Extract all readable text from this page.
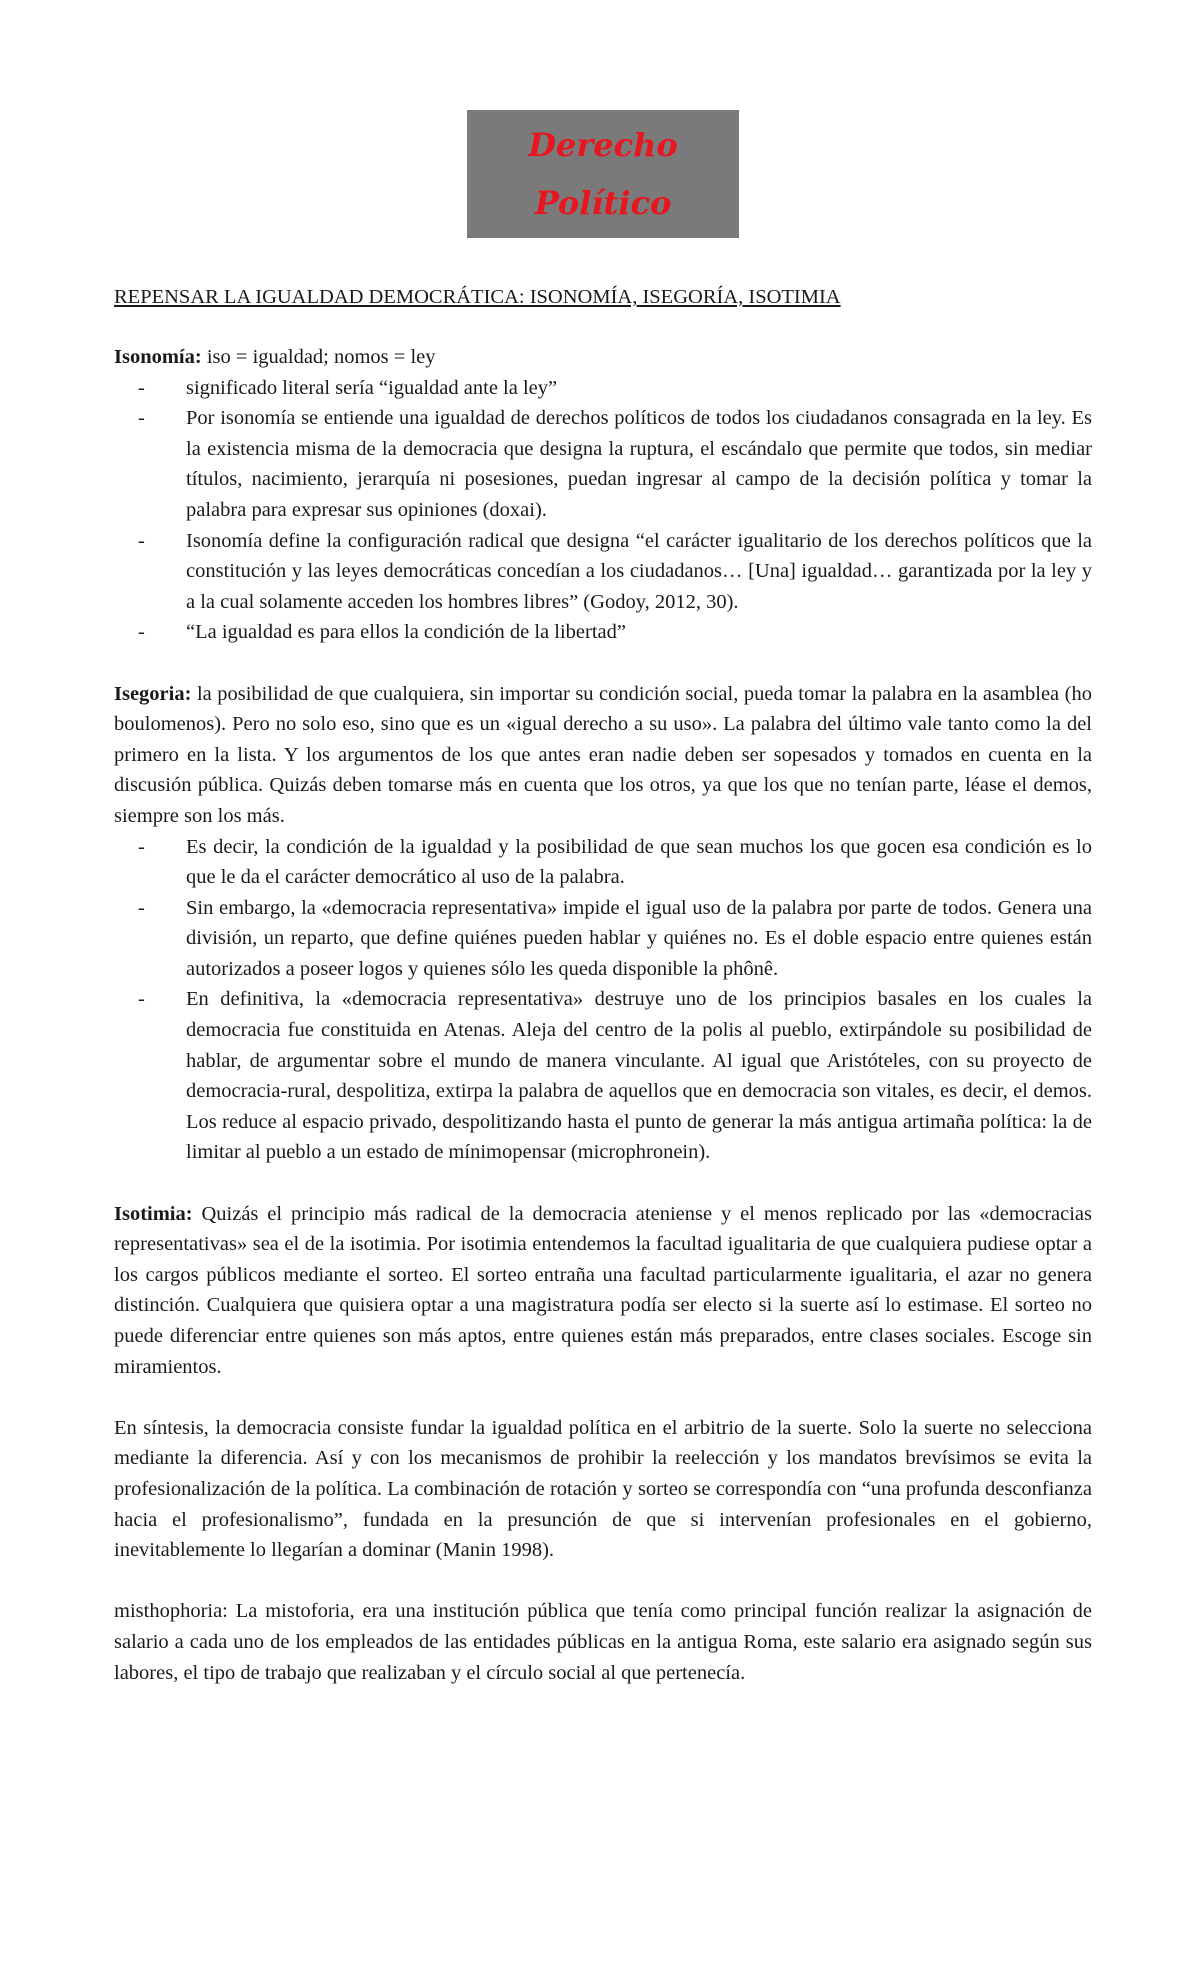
Derecho Político
REPENSAR LA IGUALDAD DEMOCRÁTICA: ISONOMÍA, ISEGORÍA, ISOTIMIA

Isonomía: iso = igualdad; nomos = ley

- significado literal sería “igualdad ante la ley”
- Por isonomía se entiende una igualdad de derechos políticos de todos los ciudadanos consagrada en la ley. Es la existencia misma de la democracia que designa la ruptura, el escándalo que permite que todos, sin mediar títulos, nacimiento, jerarquía ni posesiones, puedan ingresar al campo de la decisión política y tomar la palabra para expresar sus opiniones (doxai).
- Isonomía define la configuración radical que designa “el carácter igualitario de los derechos políticos que la constitución y las leyes democráticas concedían a los ciudadanos… [Una] igualdad… garantizada por la ley y a la cual solamente acceden los hombres libres” (Godoy, 2012, 30).
- “La igualdad es para ellos la condición de la libertad”

Isegoria: la posibilidad de que cualquiera, sin importar su condición social, pueda tomar la palabra en la asamblea (ho boulomenos). Pero no solo eso, sino que es un «igual derecho a su uso». La palabra del último vale tanto como la del primero en la lista. Y los argumentos de los que antes eran nadie deben ser sopesados y tomados en cuenta en la discusión pública. Quizás deben tomarse más en cuenta que los otros, ya que los que no tenían parte, léase el demos, siempre son los más.

- Es decir, la condición de la igualdad y la posibilidad de que sean muchos los que gocen esa condición es lo que le da el carácter democrático al uso de la palabra.
- Sin embargo, la «democracia representativa» impide el igual uso de la palabra por parte de todos. Genera una división, un reparto, que define quiénes pueden hablar y quiénes no. Es el doble espacio entre quienes están autorizados a poseer logos y quienes sólo les queda disponible la phônê.
- En definitiva, la «democracia representativa» destruye uno de los principios basales en los cuales la democracia fue constituida en Atenas. Aleja del centro de la polis al pueblo, extirpándole su posibilidad de hablar, de argumentar sobre el mundo de manera vinculante. Al igual que Aristóteles, con su proyecto de democracia-rural, despolitiza, extirpa la palabra de aquellos que en democracia son vitales, es decir, el demos. Los reduce al espacio privado, despolitizando hasta el punto de generar la más antigua artimaña política: la de limitar al pueblo a un estado de mínimopensar (microphronein).

Isotimia: Quizás el principio más radical de la democracia ateniense y el menos replicado por las «democracias representativas» sea el de la isotimia. Por isotimia entendemos la facultad igualitaria de que cualquiera pudiese optar a los cargos públicos mediante el sorteo. El sorteo entraña una facultad particularmente igualitaria, el azar no genera distinción. Cualquiera que quisiera optar a una magistratura podía ser electo si la suerte así lo estimase. El sorteo no puede diferenciar entre quienes son más aptos, entre quienes están más preparados, entre clases sociales. Escoge sin miramientos.

En síntesis, la democracia consiste fundar la igualdad política en el arbitrio de la suerte. Solo la suerte no selecciona mediante la diferencia. Así y con los mecanismos de prohibir la reelección y los mandatos brevísimos se evita la profesionalización de la política. La combinación de rotación y sorteo se correspondía con “una profunda desconfianza hacia el profesionalismo”, fundada en la presunción de que si intervenían profesionales en el gobierno, inevitablemente lo llegarían a dominar (Manin 1998).

misthophoria: La mistoforia, era una institución pública que tenía como principal función realizar la asignación de salario a cada uno de los empleados de las entidades públicas en la antigua Roma, este salario era asignado según sus labores, el tipo de trabajo que realizaban y el círculo social al que pertenecía.
